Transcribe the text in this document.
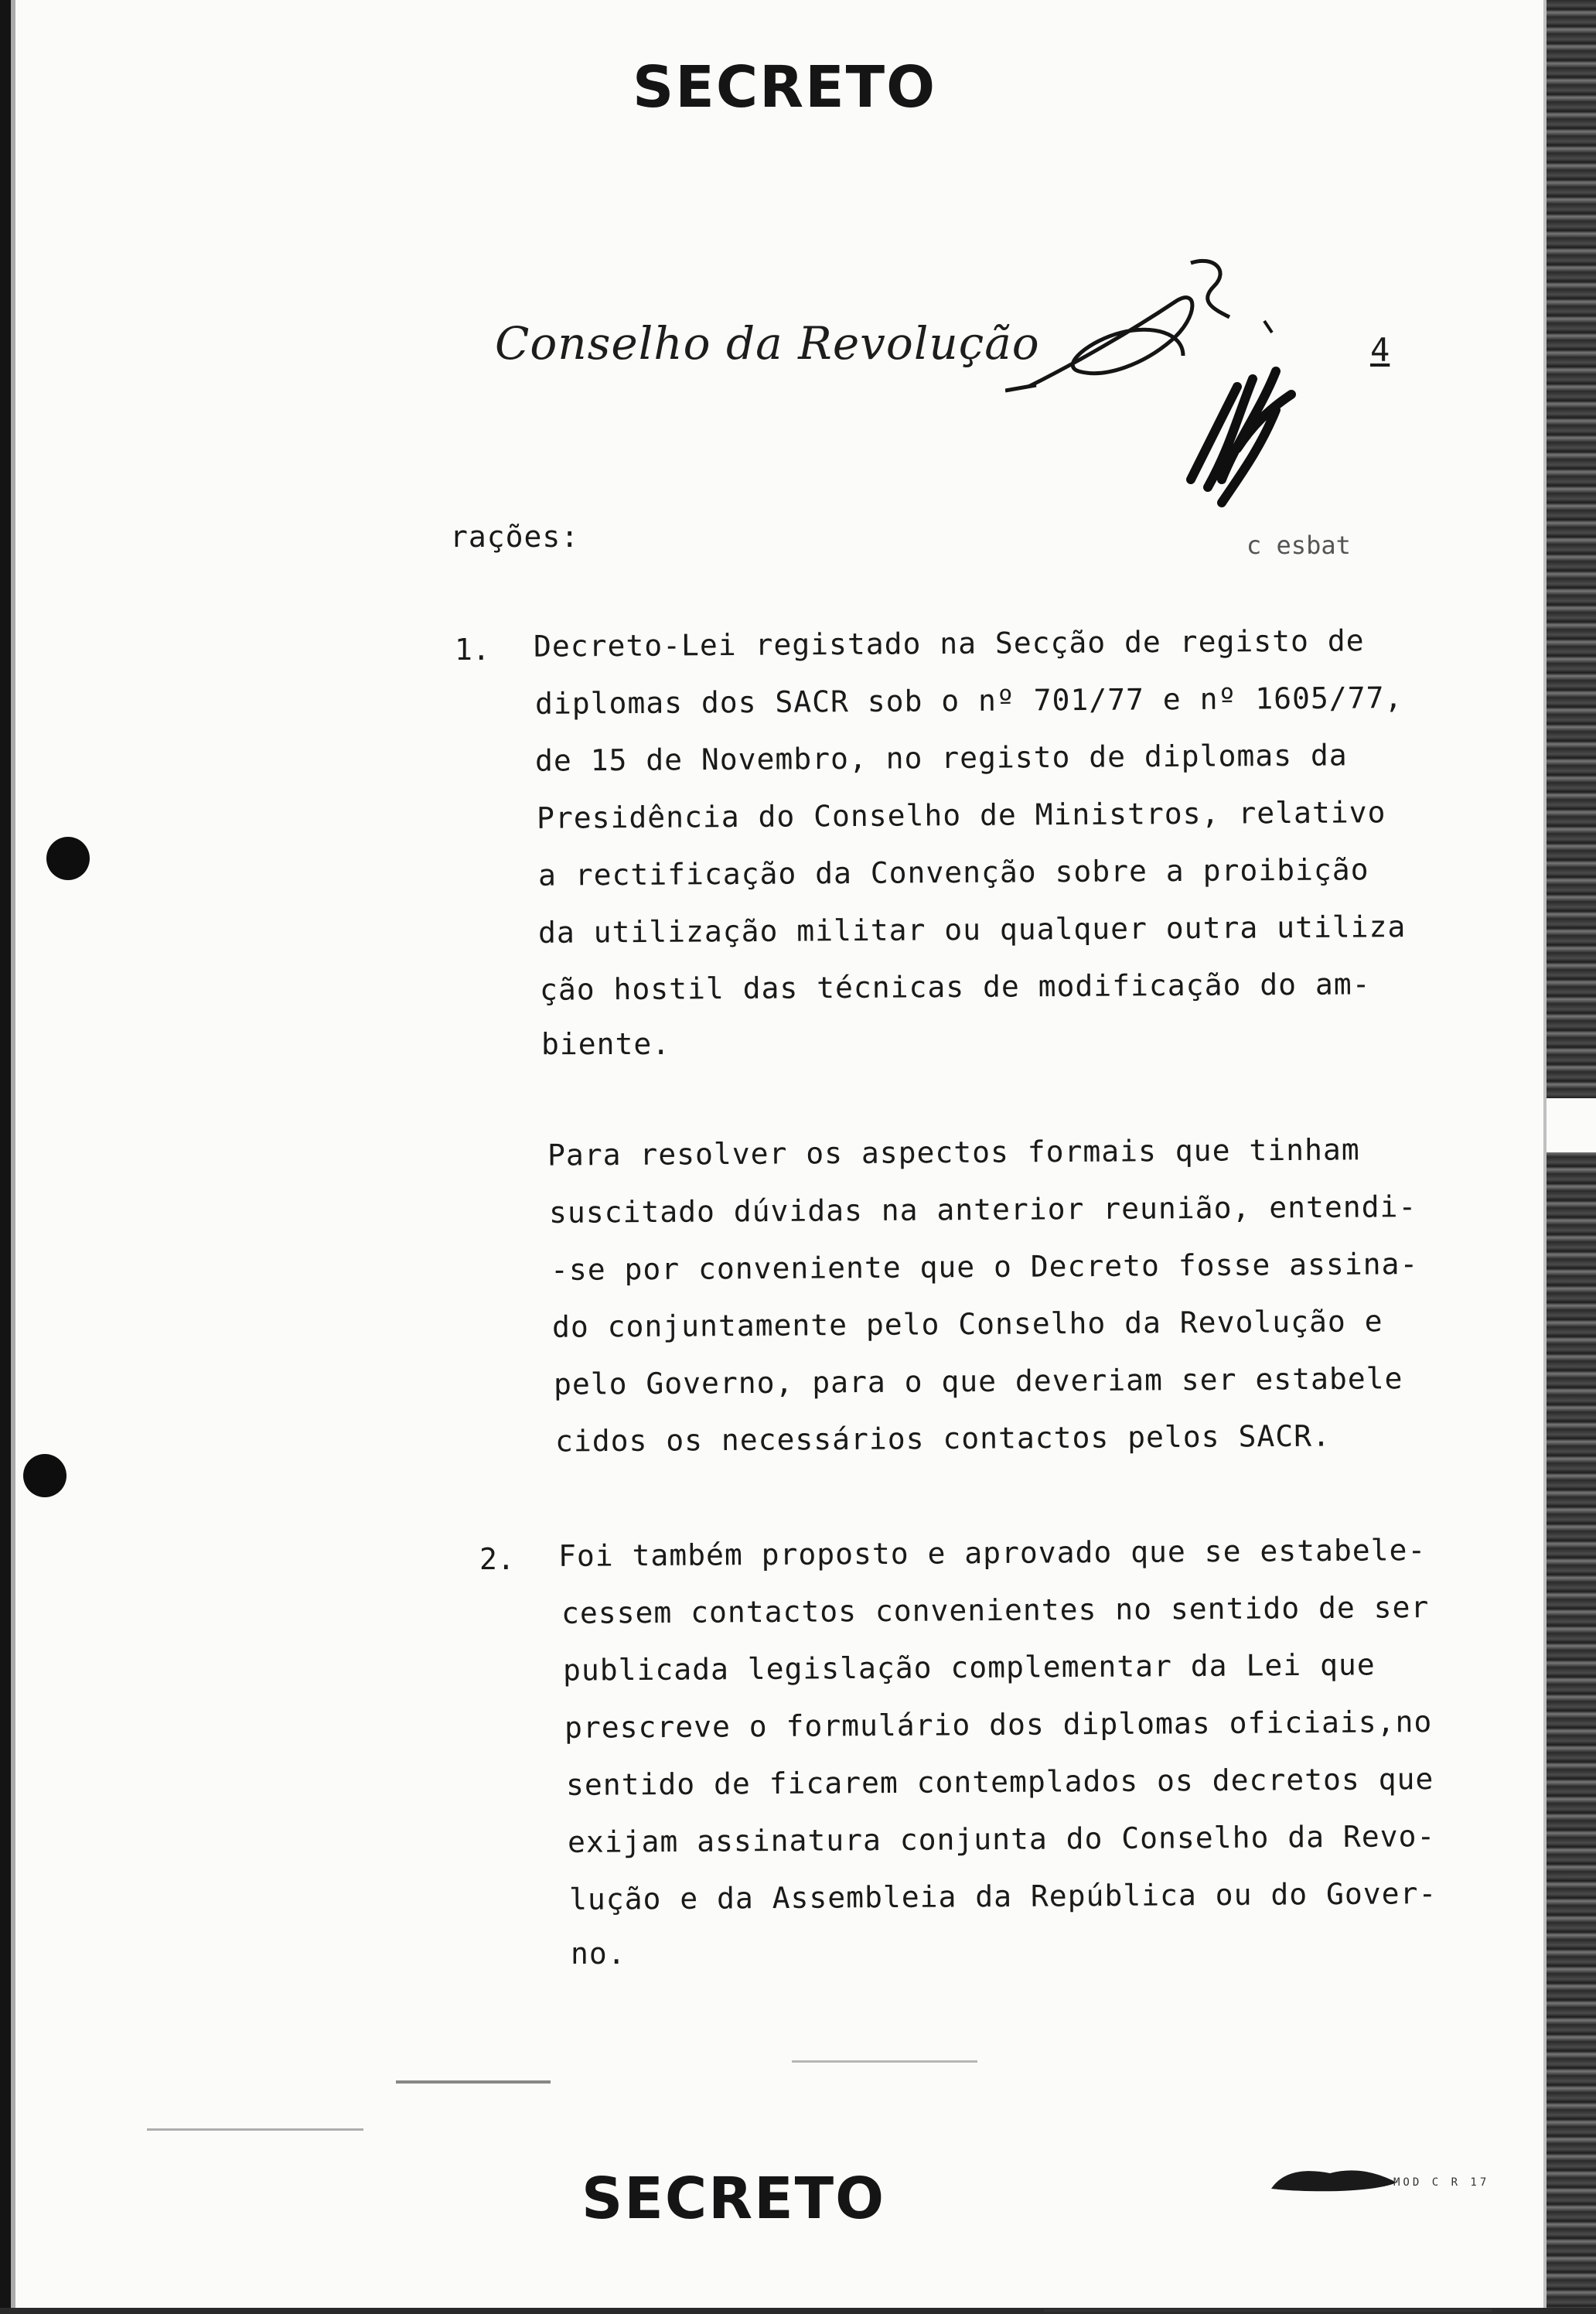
SECRETO
Conselho da Revolução	4
c esbat
rações:
1. Decreto-Lei registado na Secção de registo de
diplomas dos SACR sob o nº 701/77 e nº 1605/77,
de 15 de Novembro, no registo de diplomas da
Presidência do Conselho de Ministros, relativo
a rectificação da Convenção sobre a proibição
da utilização militar ou qualquer outra utiliza
ção hostil das técnicas de modificação do am-
biente.
Para resolver os aspectos formais que tinham
suscitado dúvidas na anterior reunião, entendi-
-se por conveniente que o Decreto fosse assina-
do conjuntamente pelo Conselho da Revolução e
pelo Governo, para o que deveriam ser estabele
cidos os necessários contactos pelos SACR.
2. Foi também proposto e aprovado que se estabele-
cessem contactos convenientes no sentido de ser
publicada legislação complementar da Lei que
prescreve o formulário dos diplomas oficiais,no
sentido de ficarem contemplados os decretos que
exijam assinatura conjunta do Conselho da Revo-
lução e da Assembleia da República ou do Gover-
no.
SECRETO	MOD C R 17
